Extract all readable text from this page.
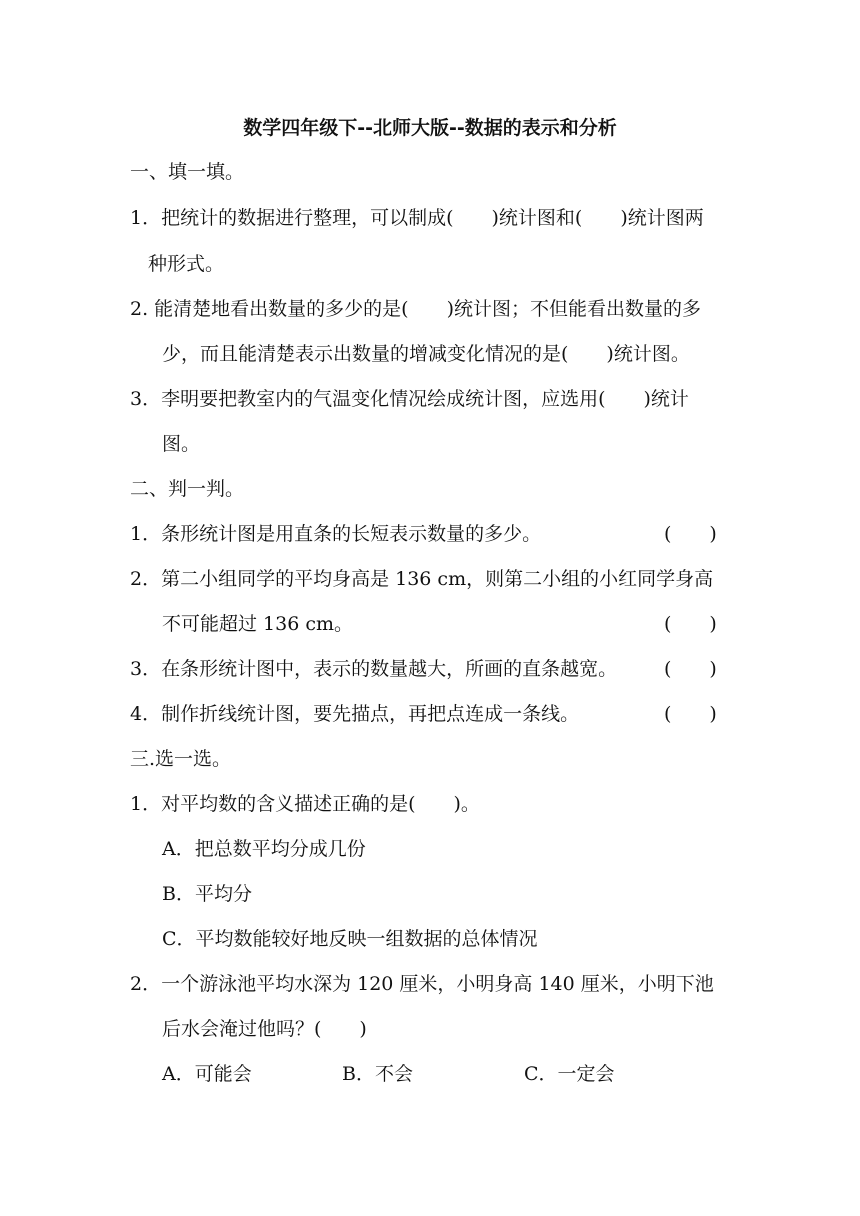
数学四年级下--北师大版--数据的表示和分析
一、填一填。
1．把统计的数据进行整理，可以制成(　　)统计图和(　　)统计图两
种形式。
2. 能清楚地看出数量的多少的是(　　)统计图；不但能看出数量的多
少，而且能清楚表示出数量的增减变化情况的是(　　)统计图。
3．李明要把教室内的气温变化情况绘成统计图，应选用(　　)统计
图。
二、判一判。
1．条形统计图是用直条的长短表示数量的多少。	(　　)
2．第二小组同学的平均身高是 136 cm，则第二小组的小红同学身高
不可能超过 136 cm。	(　　)
3．在条形统计图中，表示的数量越大，所画的直条越宽。 (　　)
4．制作折线统计图，要先描点，再把点连成一条线。	(　　)
三.选一选。
1．对平均数的含义描述正确的是(　　)。
A．把总数平均分成几份
B．平均分
C．平均数能较好地反映一组数据的总体情况
2．一个游泳池平均水深为 120 厘米，小明身高 140 厘米，小明下池
后水会淹过他吗？(　　)
A．可能会	B．不会	C．一定会
